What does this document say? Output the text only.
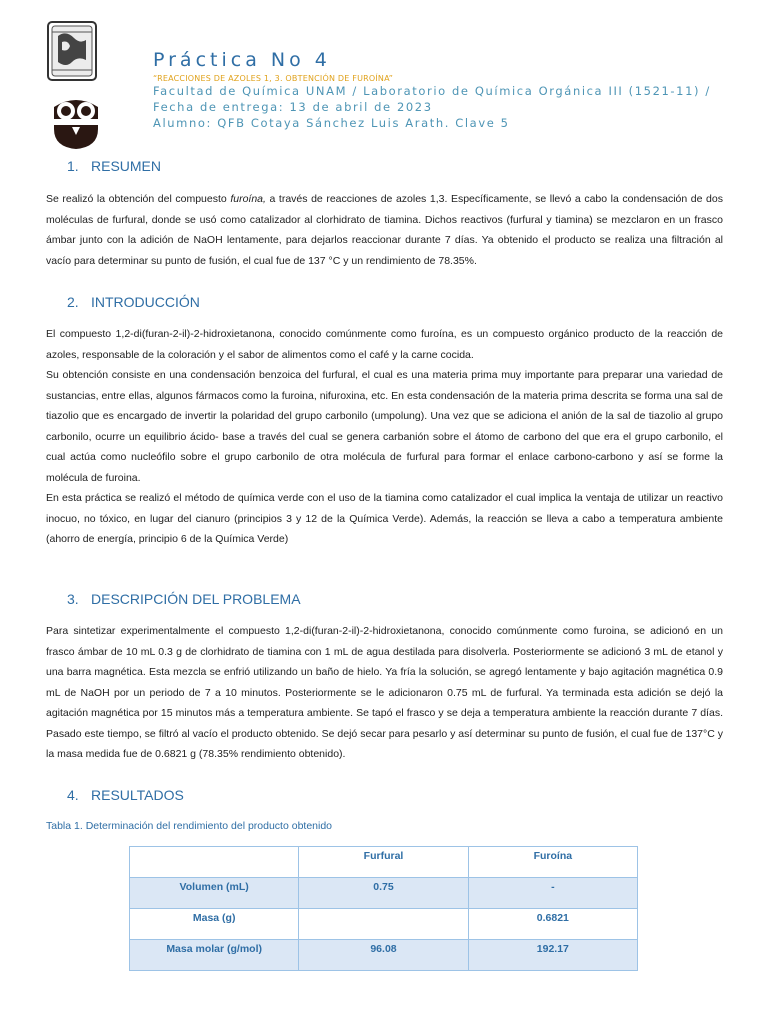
Práctica No 4
“REACCIONES DE AZOLES 1, 3. OBTENCIÓN DE FUROÍNA”
Facultad de Química UNAM / Laboratorio de Química Orgánica III (1521-11) /
Fecha de entrega: 13 de abril de 2023
Alumno: QFB Cotaya Sánchez Luis Arath. Clave 5
1. RESUMEN

Se realizó la obtención del compuesto furoína, a través de reacciones de azoles 1,3. Específicamente, se llevó a cabo la condensación de dos moléculas de furfural, donde se usó como catalizador al clorhidrato de tiamina. Dichos reactivos (furfural y tiamina) se mezclaron en un frasco ámbar junto con la adición de NaOH lentamente, para dejarlos reaccionar durante 7 días. Ya obtenido el producto se realiza una filtración al vacío para determinar su punto de fusión, el cual fue de 137 °C y un rendimiento de 78.35%.

2. INTRODUCCIÓN

El compuesto 1,2-di(furan-2-il)-2-hidroxietanona, conocido comúnmente como furoína, es un compuesto orgánico producto de la reacción de azoles, responsable de la coloración y el sabor de alimentos como el café y la carne cocida.

Su obtención consiste en una condensación benzoica del furfural, el cual es una materia prima muy importante para preparar una variedad de sustancias, entre ellas, algunos fármacos como la furoina, nifuroxina, etc. En esta condensación de la materia prima descrita se forma una sal de tiazolio que es encargado de invertir la polaridad del grupo carbonilo (umpolung). Una vez que se adiciona el anión de la sal de tiazolio al grupo carbonilo, ocurre un equilibrio ácido- base a través del cual se genera carbanión sobre el átomo de carbono del que era el grupo carbonilo, el cual actúa como nucleófilo sobre el grupo carbonilo de otra molécula de furfural para formar el enlace carbono-carbono y así se forme la molécula de furoina.

En esta práctica se realizó el método de química verde con el uso de la tiamina como catalizador el cual implica la ventaja de utilizar un reactivo inocuo, no tóxico, en lugar del cianuro (principios 3 y 12 de la Química Verde). Además, la reacción se lleva a cabo a temperatura ambiente (ahorro de energía, principio 6 de la Química Verde)

3. DESCRIPCIÓN DEL PROBLEMA

Para sintetizar experimentalmente el compuesto 1,2-di(furan-2-il)-2-hidroxietanona, conocido comúnmente como furoina, se adicionó en un frasco ámbar de 10 mL 0.3 g de clorhidrato de tiamina con 1 mL de agua destilada para disolverla. Posteriormente se adicionó 3 mL de etanol y una barra magnética. Esta mezcla se enfrió utilizando un baño de hielo. Ya fría la solución, se agregó lentamente y bajo agitación magnética 0.9 mL de NaOH por un periodo de 7 a 10 minutos. Posteriormente se le adicionaron 0.75 mL de furfural. Ya terminada esta adición se dejó la agitación magnética por 15 minutos más a temperatura ambiente. Se tapó el frasco y se deja a temperatura ambiente la reacción durante 7 días. Pasado este tiempo, se filtró al vacío el producto obtenido. Se dejó secar para pesarlo y así determinar su punto de fusión, el cual fue de 137°C y la masa medida fue de 0.6821 g (78.35% rendimiento obtenido).

4. RESULTADOS
Tabla 1. Determinación del rendimiento del producto obtenido
	Furfural	Furoína
Volumen (mL)	0.75	-
Masa (g)		0.6821
Masa molar (g/mol)	96.08	192.17
